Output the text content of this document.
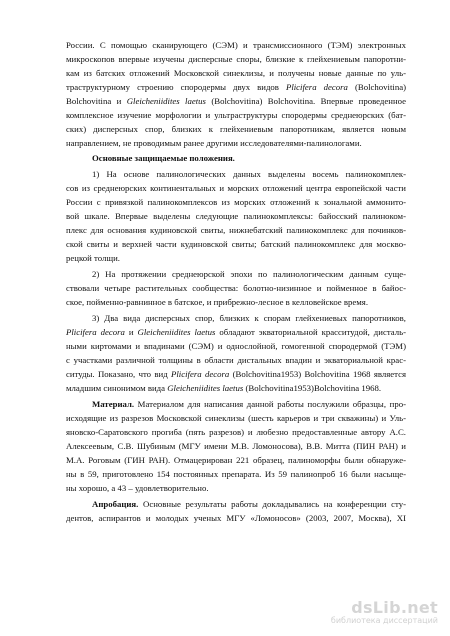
России. С помощью сканирующего (СЭМ) и трансмиссионного (ТЭМ) электронных
микроскопов впервые изучены дисперсные споры, близкие к глейхениевым папоротни-
кам из батских отложений Московской синеклизы, и получены новые данные по уль-
траструктурному строению спородермы двух видов Plicifera decora (Bolchovitina)
Bolchovitina и Gleicheniidites laetus (Bolchovitina) Bolchovitina. Впервые проведенное
комплексное изучение морфологии и ультраструктуры спородермы среднеюрских (бат-
ских) дисперсных спор, близких к глейхениевым папоротникам, является новым
направлением, не проводимым ранее другими исследователями-палинологами.
Основные защищаемые положения.
1) На основе палинологических данных выделены восемь палинокомплек-
сов из среднеюрских континентальных и морских отложений центра европейской части
России с привязкой палинокомплексов из морских отложений к зональной аммонито-
вой шкале. Впервые выделены следующие палинокомплексы: байосский палиноком-
плекс для основания кудиновской свиты, нижнебатский палинокомплекс для починков-
ской свиты и верхней части кудиновской свиты; батский палинокомплекс для москво-
рецкой толщи.
2) На протяжении среднеюрской эпохи по палинологическим данным суще-
ствовали четыре растительных сообщества: болотно-низинное и пойменное в байос-
ское, пойменно-равнинное в батское, и прибрежно-лесное в келловейское время.
3) Два вида дисперсных спор, близких к спорам глейхениевых папоротников,
Plicifera decora и Gleicheniidites laetus обладают экваториальной красситудой, дисталь-
ными киртомами и впадинами (СЭМ) и однослойной, гомогенной спородермой (ТЭМ)
с участками различной толщины в области дистальных впадин и экваториальной крас-
ситуды. Показано, что вид Plicifera decora (Bolchovitina1953) Bolchovitina 1968 является
младшим синонимом вида Gleicheniidites laetus (Bolchovitina1953)Bolchovitina 1968.
Материал. Материалом для написания данной работы послужили образцы, про-
исходящие из разрезов Московской синеклизы (шесть карьеров и три скважины) и Уль-
яновско-Саратовского прогиба (пять разрезов) и любезно предоставленные автору А.С.
Алексеевым, С.В. Шубиным (МГУ имени М.В. Ломоносова), В.В. Митта (ПИН РАН) и
М.А. Роговым (ГИН РАН). Отмацерирован 221 образец, палиноморфы были обнаруже-
ны в 59, приготовлено 154 постоянных препарата. Из 59 палинопроб 16 были насыще-
ны хорошо, а 43 – удовлетворительно.
Апробация. Основные результаты работы докладывались на конференции сту-
дентов, аспирантов и молодых ученых МГУ «Ломоносов» (2003, 2007, Москва), XI
dsLib.net
библиотека диссертаций
